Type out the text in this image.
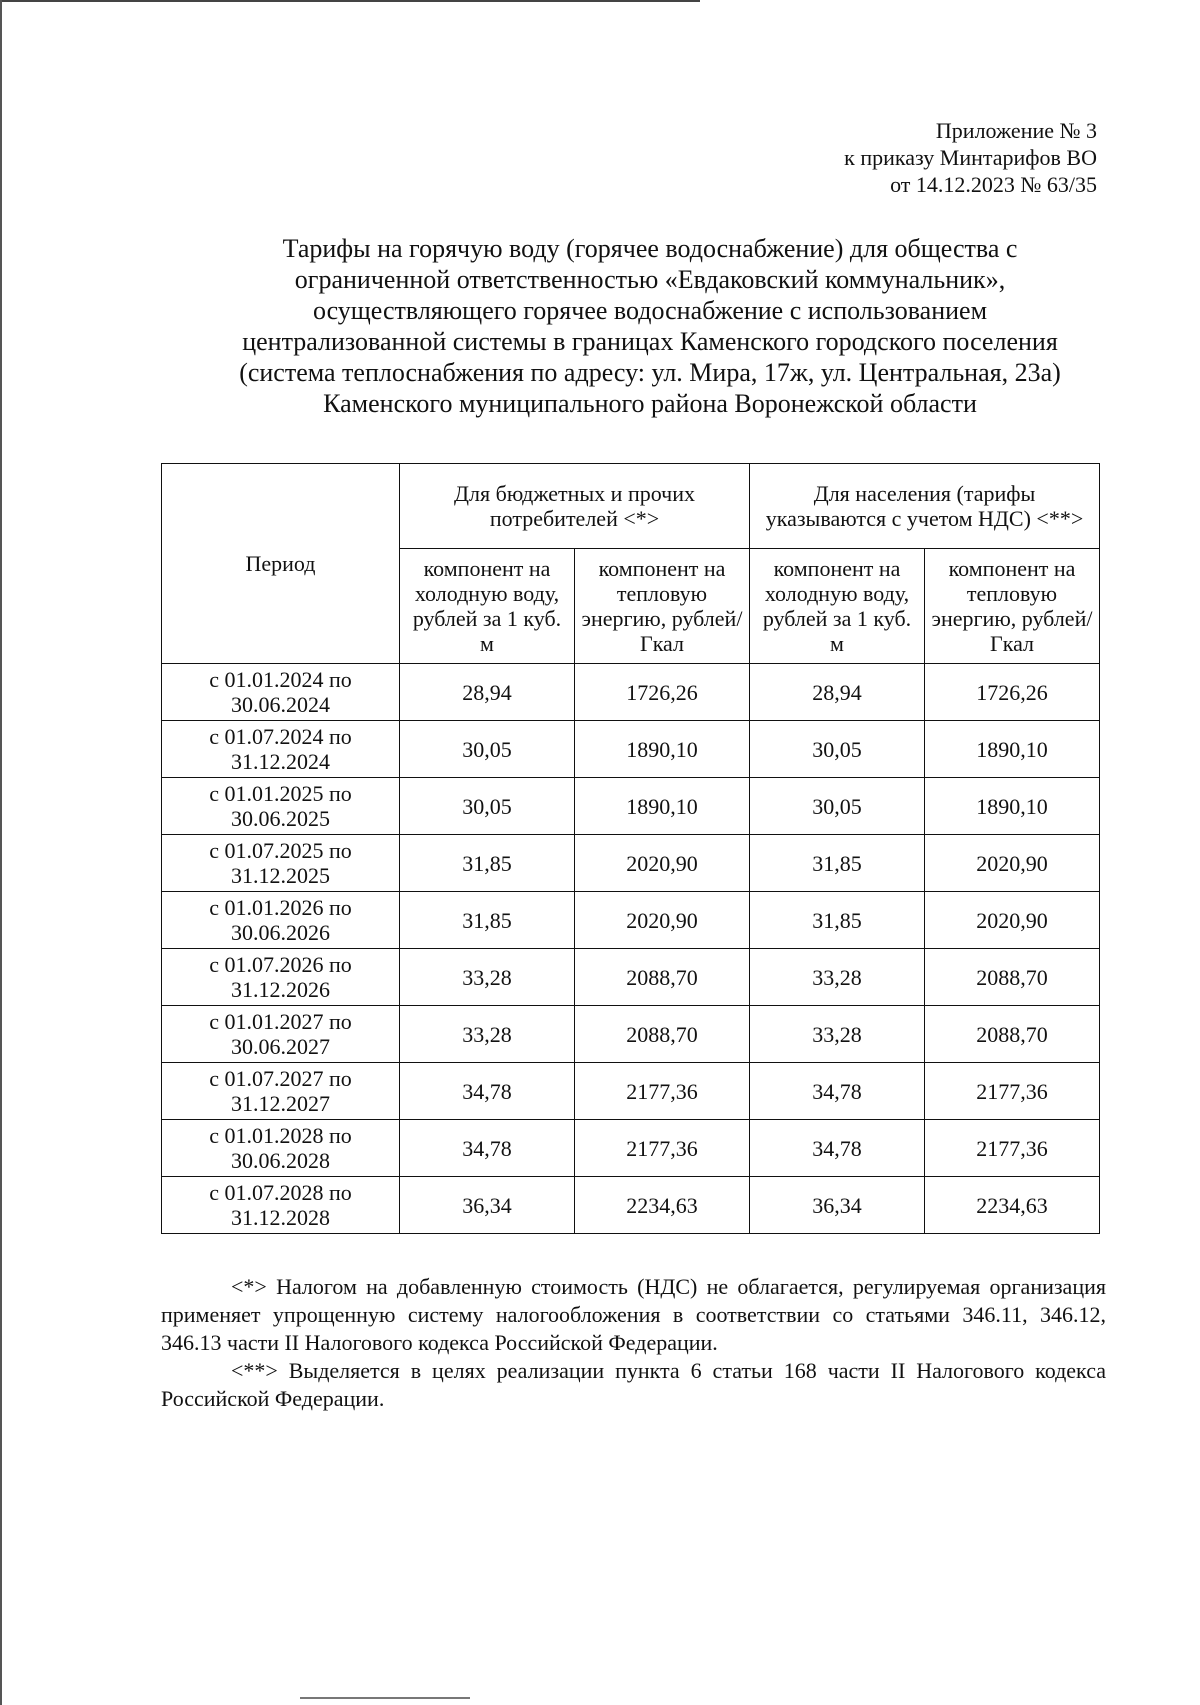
Приложение № 3
к приказу Минтарифов ВО
от 14.12.2023 № 63/35
Тарифы на горячую воду (горячее водоснабжение) для общества с
ограниченной ответственностью «Евдаковский коммунальник»,
осуществляющего горячее водоснабжение с использованием
централизованной системы в границах Каменского городского поселения
(система теплоснабжения по адресу: ул. Мира, 17ж, ул. Центральная, 23а)
Каменского муниципального района Воронежской области
Период	Для бюджетных и прочих потребителей <*>		Для населения (тарифы указываются с учетом НДС) <**>	
	компонент на холодную воду, рублей за 1 куб. м	компонент на тепловую энергию, рублей/Гкал	компонент на холодную воду, рублей за 1 куб. м	компонент на тепловую энергию, рублей/Гкал

с 01.01.2024 по
30.06.2024	28,94	1726,26	28,94	1726,26

с 01.07.2024 по
31.12.2024	30,05	1890,10	30,05	1890,10

с 01.01.2025 по
30.06.2025	30,05	1890,10	30,05	1890,10

с 01.07.2025 по
31.12.2025	31,85	2020,90	31,85	2020,90

с 01.01.2026 по
30.06.2026	31,85	2020,90	31,85	2020,90

с 01.07.2026 по
31.12.2026	33,28	2088,70	33,28	2088,70

с 01.01.2027 по
30.06.2027	33,28	2088,70	33,28	2088,70

с 01.07.2027 по
31.12.2027	34,78	2177,36	34,78	2177,36

с 01.01.2028 по
30.06.2028	34,78	2177,36	34,78	2177,36

с 01.07.2028 по
31.12.2028	36,34	2234,63	36,34	2234,63

<*> Налогом на добавленную стоимость (НДС) не облагается, регулируемая организация применяет упрощенную систему налогообложения в соответствии со статьями 346.11, 346.12, 346.13 части II Налогового кодекса Российской Федерации.

<**> Выделяется в целях реализации пункта 6 статьи 168 части II Налогового кодекса Российской Федерации.
